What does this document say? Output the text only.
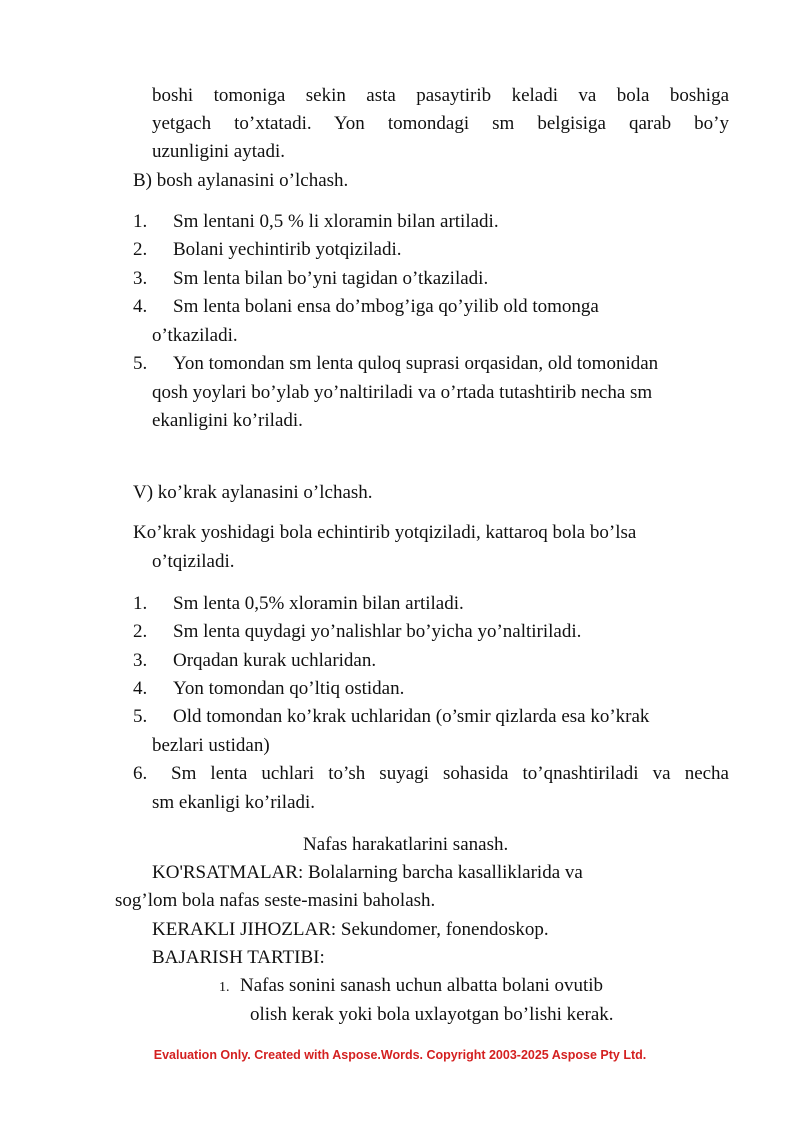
boshi tomoniga sekin asta pasaytirib keladi va bola boshiga
yetgach to’xtatadi. Yon tomondagi sm belgisiga qarab bo’y
uzunligini aytadi.
B) bosh aylanasini o’lchash.
1. Sm lentani 0,5 % li xloramin bilan artiladi.
2. Bolani yechintirib yotqiziladi.
3. Sm lenta bilan bo’yni tagidan o’tkaziladi.
4. Sm lenta bolani ensa do’mbog’iga qo’yilib old tomonga
o’tkaziladi.
5. Yon tomondan sm lenta quloq suprasi orqasidan, old tomonidan
qosh yoylari bo’ylab yo’naltiriladi va o’rtada tutashtirib necha sm
ekanligini ko’riladi.
V) ko’krak aylanasini o’lchash.
Ko’krak yoshidagi bola echintirib yotqiziladi, kattaroq bola bo’lsa
o’tqiziladi.
1. Sm lenta 0,5% xloramin bilan artiladi.
2. Sm lenta quydagi yo’nalishlar bo’yicha yo’naltiriladi.
3. Orqadan kurak uchlaridan.
4. Yon tomondan qo’ltiq ostidan.
5. Old tomondan ko’krak uchlaridan (o’smir qizlarda esa ko’krak
bezlari ustidan)
6. Sm lenta uchlari to’sh suyagi sohasida to’qnashtiriladi va necha
sm ekanligi ko’riladi.
Nafas harakatlarini sanash.
KO'RSATMALAR: Bolalarning barcha kasalliklarida va
sog’lom bola nafas seste-masini baholash.
KERAKLI JIHOZLAR: Sekundomer, fonendoskop.
BAJARISH TARTIBI:
1. Nafas sonini sanash uchun albatta bolani ovutib
olish kerak yoki bola uxlayotgan bo’lishi kerak.
Evaluation Only. Created with Aspose.Words. Copyright 2003-2025 Aspose Pty Ltd.
